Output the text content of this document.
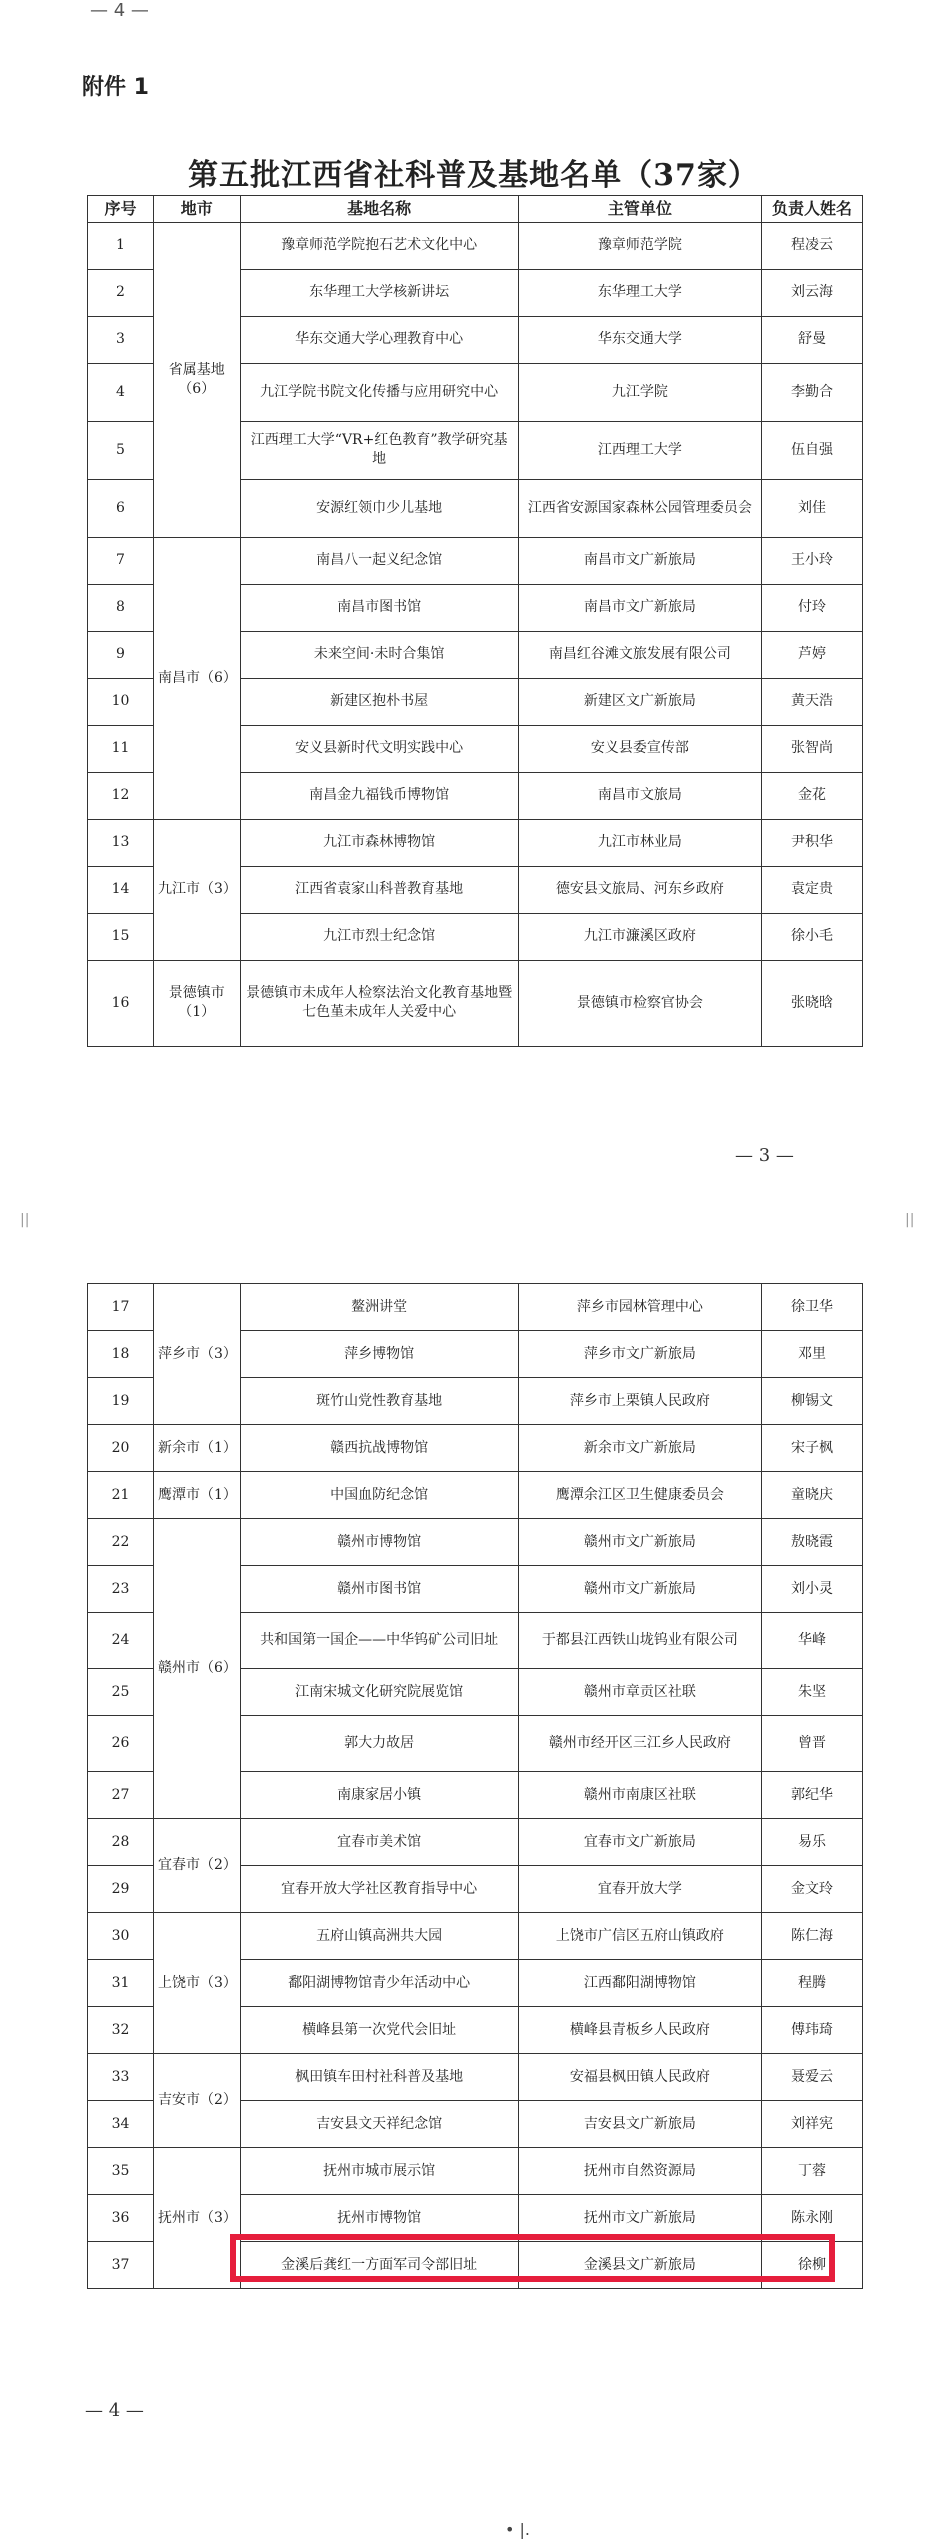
— 4 —
附件 1
第五批江西省社科普及基地名单（37家）
序号	地市	基地名称	主管单位	负责人姓名
1	省属基地（6）	豫章师范学院抱石艺术文化中心	豫章师范学院	程凌云
2		东华理工大学核新讲坛	东华理工大学	刘云海
3		华东交通大学心理教育中心	华东交通大学	舒曼
4		九江学院书院文化传播与应用研究中心	九江学院	李勤合
5		江西理工大学“VR+红色教育”教学研究基地	江西理工大学	伍自强
6		安源红领巾少儿基地	江西省安源国家森林公园管理委员会	刘佳
7	南昌市（6）	南昌八一起义纪念馆	南昌市文广新旅局	王小玲
8		南昌市图书馆	南昌市文广新旅局	付玲
9		未来空间·未时合集馆	南昌红谷滩文旅发展有限公司	芦婷
10		新建区抱朴书屋	新建区文广新旅局	黄天浩
11		安义县新时代文明实践中心	安义县委宣传部	张智尚
12		南昌金九福钱币博物馆	南昌市文旅局	金花
13	九江市（3）	九江市森林博物馆	九江市林业局	尹积华
14		江西省袁家山科普教育基地	德安县文旅局、河东乡政府	袁定贵
15		九江市烈士纪念馆	九江市濂溪区政府	徐小毛
16	景德镇市（1）	景德镇市未成年人检察法治文化教育基地暨七色堇未成年人关爱中心	景德镇市检察官协会	张晓晗
— 3 —
||	||
17	萍乡市（3）	鳌洲讲堂	萍乡市园林管理中心	徐卫华
18		萍乡博物馆	萍乡市文广新旅局	邓里
19		斑竹山党性教育基地	萍乡市上栗镇人民政府	柳锡文
20	新余市（1）	赣西抗战博物馆	新余市文广新旅局	宋子枫
21	鹰潭市（1）	中国血防纪念馆	鹰潭余江区卫生健康委员会	童晓庆
22	赣州市（6）	赣州市博物馆	赣州市文广新旅局	敖晓霞
23		赣州市图书馆	赣州市文广新旅局	刘小灵
24		共和国第一国企——中华钨矿公司旧址	于都县江西铁山垅钨业有限公司	华峰
25		江南宋城文化研究院展览馆	赣州市章贡区社联	朱坚
26		郭大力故居	赣州市经开区三江乡人民政府	曾晋
27		南康家居小镇	赣州市南康区社联	郭纪华
28	宜春市（2）	宜春市美术馆	宜春市文广新旅局	易乐
29		宜春开放大学社区教育指导中心	宜春开放大学	金文玲
30	上饶市（3）	五府山镇高洲共大园	上饶市广信区五府山镇政府	陈仁海
31		鄱阳湖博物馆青少年活动中心	江西鄱阳湖博物馆	程腾
32		横峰县第一次党代会旧址	横峰县青板乡人民政府	傅玮琦
33	吉安市（2）	枫田镇车田村社科普及基地	安福县枫田镇人民政府	聂爱云
34		吉安县文天祥纪念馆	吉安县文广新旅局	刘祥宪
35	抚州市（3）	抚州市城市展示馆	抚州市自然资源局	丁蓉
36		抚州市博物馆	抚州市文广新旅局	陈永刚
37		金溪后龚红一方面军司令部旧址	金溪县文广新旅局	徐柳
— 4 —
• |.
